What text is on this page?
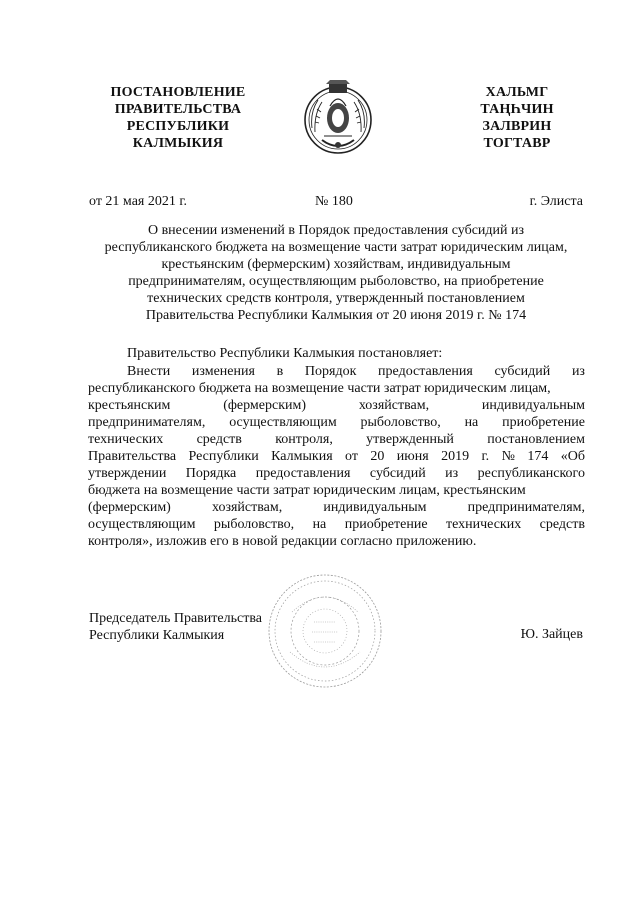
ПОСТАНОВЛЕНИЕ
ПРАВИТЕЛЬСТВА
РЕСПУБЛИКИ
КАЛМЫКИЯ
ХАЛЬМГ
ТАҢҺЧИН
ЗАЛВРИН
ТОГТАВР
от 21 мая 2021 г.	№ 180	г. Элиста
О внесении изменений в Порядок предоставления субсидий из
республиканского бюджета на возмещение части затрат юридическим лицам,
крестьянским (фермерским) хозяйствам, индивидуальным
предпринимателям, осуществляющим рыболовство, на приобретение
технических средств контроля, утвержденный постановлением
Правительства Республики Калмыкия от 20 июня 2019 г. № 174
Правительство Республики Калмыкия постановляет:
Внести изменения в Порядок предоставления субсидий из
республиканского бюджета на возмещение части затрат юридическим лицам,
крестьянским	(фермерским)	хозяйствам,	индивидуальным
предпринимателям, осуществляющим рыболовство, на приобретение
технических средств контроля, утвержденный постановлением
Правительства Республики Калмыкия от 20 июня 2019 г. № 174 «Об
утверждении Порядка предоставления субсидий из республиканского
бюджета на возмещение части затрат юридическим лицам, крестьянским
(фермерским)	хозяйствам,	индивидуальным	предпринимателям,
осуществляющим рыболовство, на приобретение технических средств
контроля», изложив его в новой редакции согласно приложению.
Председатель Правительства
Республики Калмыкия	Ю. Зайцев
